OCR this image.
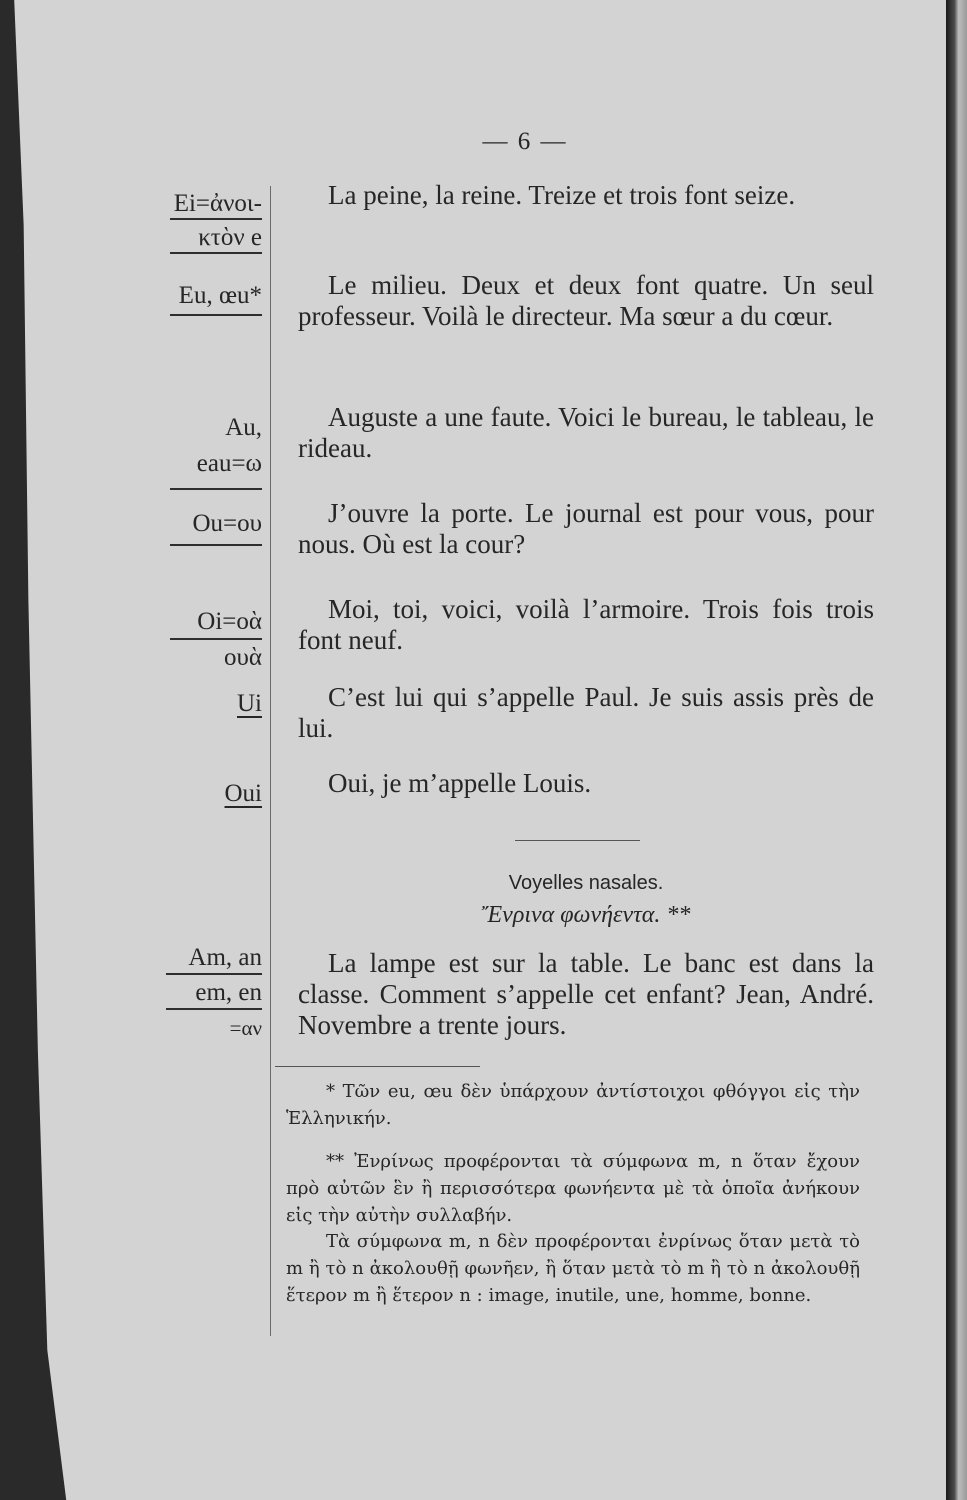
— 6 —
Ei=ἀνοι-
κτὸν e
Eu, œu*
Au,
eau=ω
Ou=ου
Oi=οὰ
ουὰ
Ui
Oui
Am, an
em, en
=αν

La peine, la reine. Treize et trois font seize.

Le milieu. Deux et deux font quatre. Un seul professeur. Voilà le directeur. Ma sœur a du cœur.

Auguste a une faute. Voici le bureau, le tableau, le rideau.

J’ouvre la porte. Le journal est pour vous, pour nous. Où est la cour?

Moi, toi, voici, voilà l’armoire. Trois fois trois font neuf.

C’est lui qui s’appelle Paul. Je suis assis près de lui.

Oui, je m’appelle Louis.

Voyelles nasales.
Ἔνρινα φωνήεντα. **

La lampe est sur la table. Le banc est dans la classe. Comment s’appelle cet enfant? Jean, André. Novembre a trente jours.

* Τῶν eu, œu δὲν ὑπάρχουν ἀντίστοιχοι φθόγγοι εἰς τὴν Ἑλληνικήν.

** Ἐνρίνως προφέρονται τὰ σύμφωνα m, n ὅταν ἔχουν πρὸ αὐτῶν ἓν ἢ περισσότερα φωνήεντα μὲ τὰ ὁποῖα ἀνήκουν εἰς τὴν αὐτὴν συλλαβήν.

Τὰ σύμφωνα m, n δὲν προφέρονται ἐνρίνως ὅταν μετὰ τὸ m ἢ τὸ n ἀκολουθῇ φωνῆεν, ἢ ὅταν μετὰ τὸ m ἢ τὸ n ἀκολουθῇ ἕτερον m ἢ ἕτερον n : image, inutile, une, homme, bonne.
